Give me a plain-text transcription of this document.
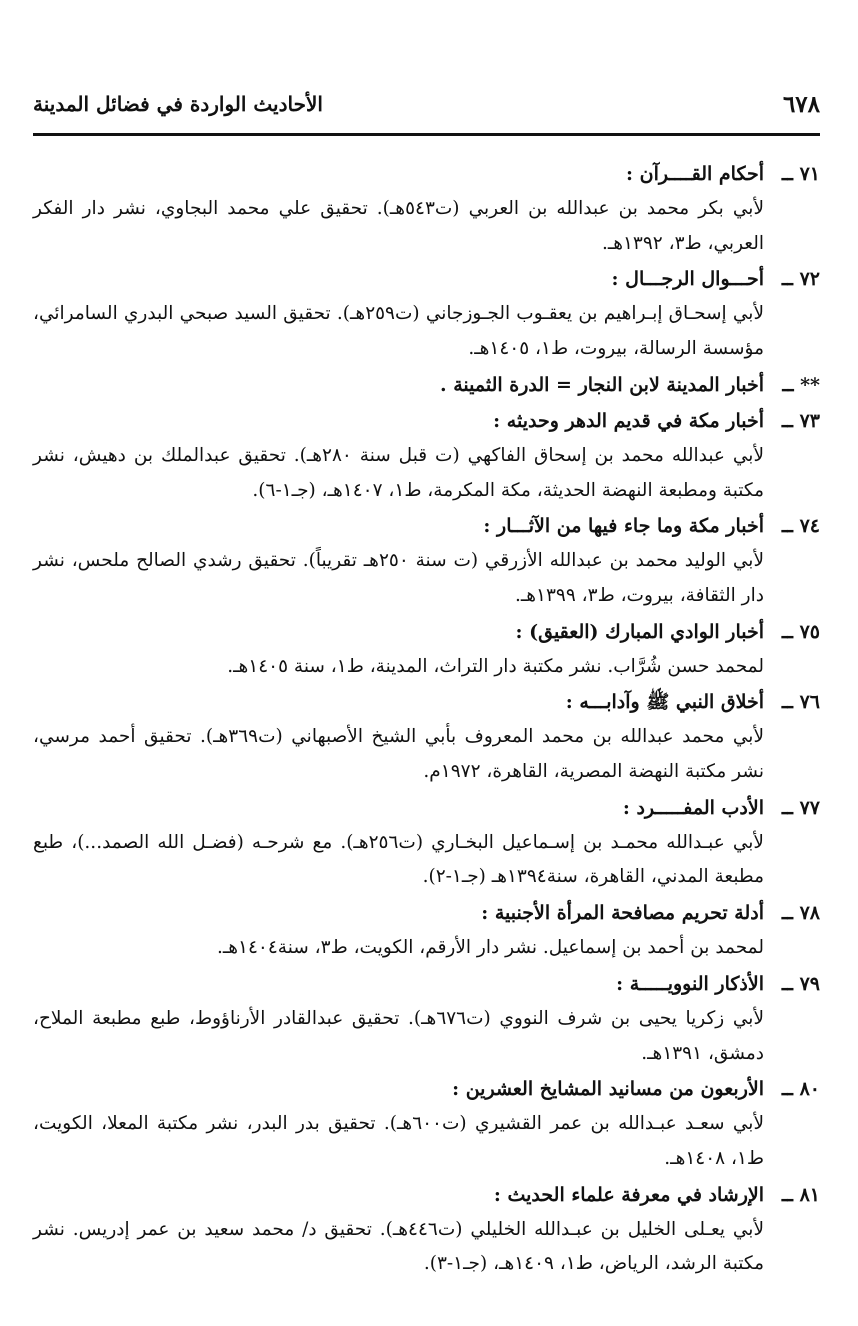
٦٧٨
الأحاديث الواردة في فضائل المدينة
٧١ ــأحكام القــــرآن :
لأبي بكر محمد بن عبدالله بن العربي (ت٥٤٣هـ). تحقيق علي محمد البجاوي، نشر دار الفكر العربي، ط٣، ١٣٩٢هـ.
٧٢ ــأحـــوال الرجـــال :
لأبي إسحـاق إبـراهيم بن يعقـوب الجـوزجاني (ت٢٥٩هـ). تحقيق السيد صبحي البدري السامرائي، مؤسسة الرسالة، بيروت، ط١، ١٤٠٥هـ.
** ــأخبار المدينة لابن النجار = الدرة الثمينة .
٧٣ ــأخبار مكة في قديم الدهر وحديثه :
لأبي عبدالله محمد بن إسحاق الفاكهي (ت قبل سنة ٢٨٠هـ). تحقيق عبدالملك بن دهيش، نشر مكتبة ومطبعة النهضة الحديثة، مكة المكرمة، ط١، ١٤٠٧هـ، (جـ١-٦).
٧٤ ــأخبار مكة وما جاء فيها من الآثـــار :
لأبي الوليد محمد بن عبدالله الأزرقي (ت سنة ٢٥٠هـ تقريباً). تحقيق رشدي الصالح ملحس، نشر دار الثقافة، بيروت، ط٣، ١٣٩٩هـ.
٧٥ ــأخبار الوادي المبارك (العقيق) :
لمحمد حسن شُرَّاب. نشر مكتبة دار التراث، المدينة، ط١، سنة ١٤٠٥هـ.
٧٦ ــأخلاق النبي ﷺ وآدابـــه :
لأبي محمد عبدالله بن محمد المعروف بأبي الشيخ الأصبهاني (ت٣٦٩هـ). تحقيق أحمد مرسي، نشر مكتبة النهضة المصرية، القاهرة، ١٩٧٢م.
٧٧ ــالأدب المفـــــرد :
لأبي عبـدالله محمـد بن إسـماعيل البخـاري (ت٢٥٦هـ). مع شرحـه (فضـل الله الصمد...)، طبع مطبعة المدني، القاهرة، سنة١٣٩٤هـ (جـ١-٢).
٧٨ ــأدلة تحريم مصافحة المرأة الأجنبية :
لمحمد بن أحمد بن إسماعيل. نشر دار الأرقم، الكويت، ط٣، سنة١٤٠٤هـ.
٧٩ ــالأذكار النوويـــــة :
لأبي زكريا يحيى بن شرف النووي (ت٦٧٦هـ). تحقيق عبدالقادر الأرناؤوط، طبع مطبعة الملاح، دمشق، ١٣٩١هـ.
٨٠ ــالأربعون من مسانيد المشايخ العشرين :
لأبي سعـد عبـدالله بن عمر القشيري (ت٦٠٠هـ). تحقيق بدر البدر، نشر مكتبة المعلا، الكويت، ط١، ١٤٠٨هـ.
٨١ ــالإرشاد في معرفة علماء الحديث :
لأبي يعـلى الخليل بن عبـدالله الخليلي (ت٤٤٦هـ). تحقيق د/ محمد سعيد بن عمر إدريس. نشر مكتبة الرشد، الرياض، ط١، ١٤٠٩هـ، (جـ١-٣).
